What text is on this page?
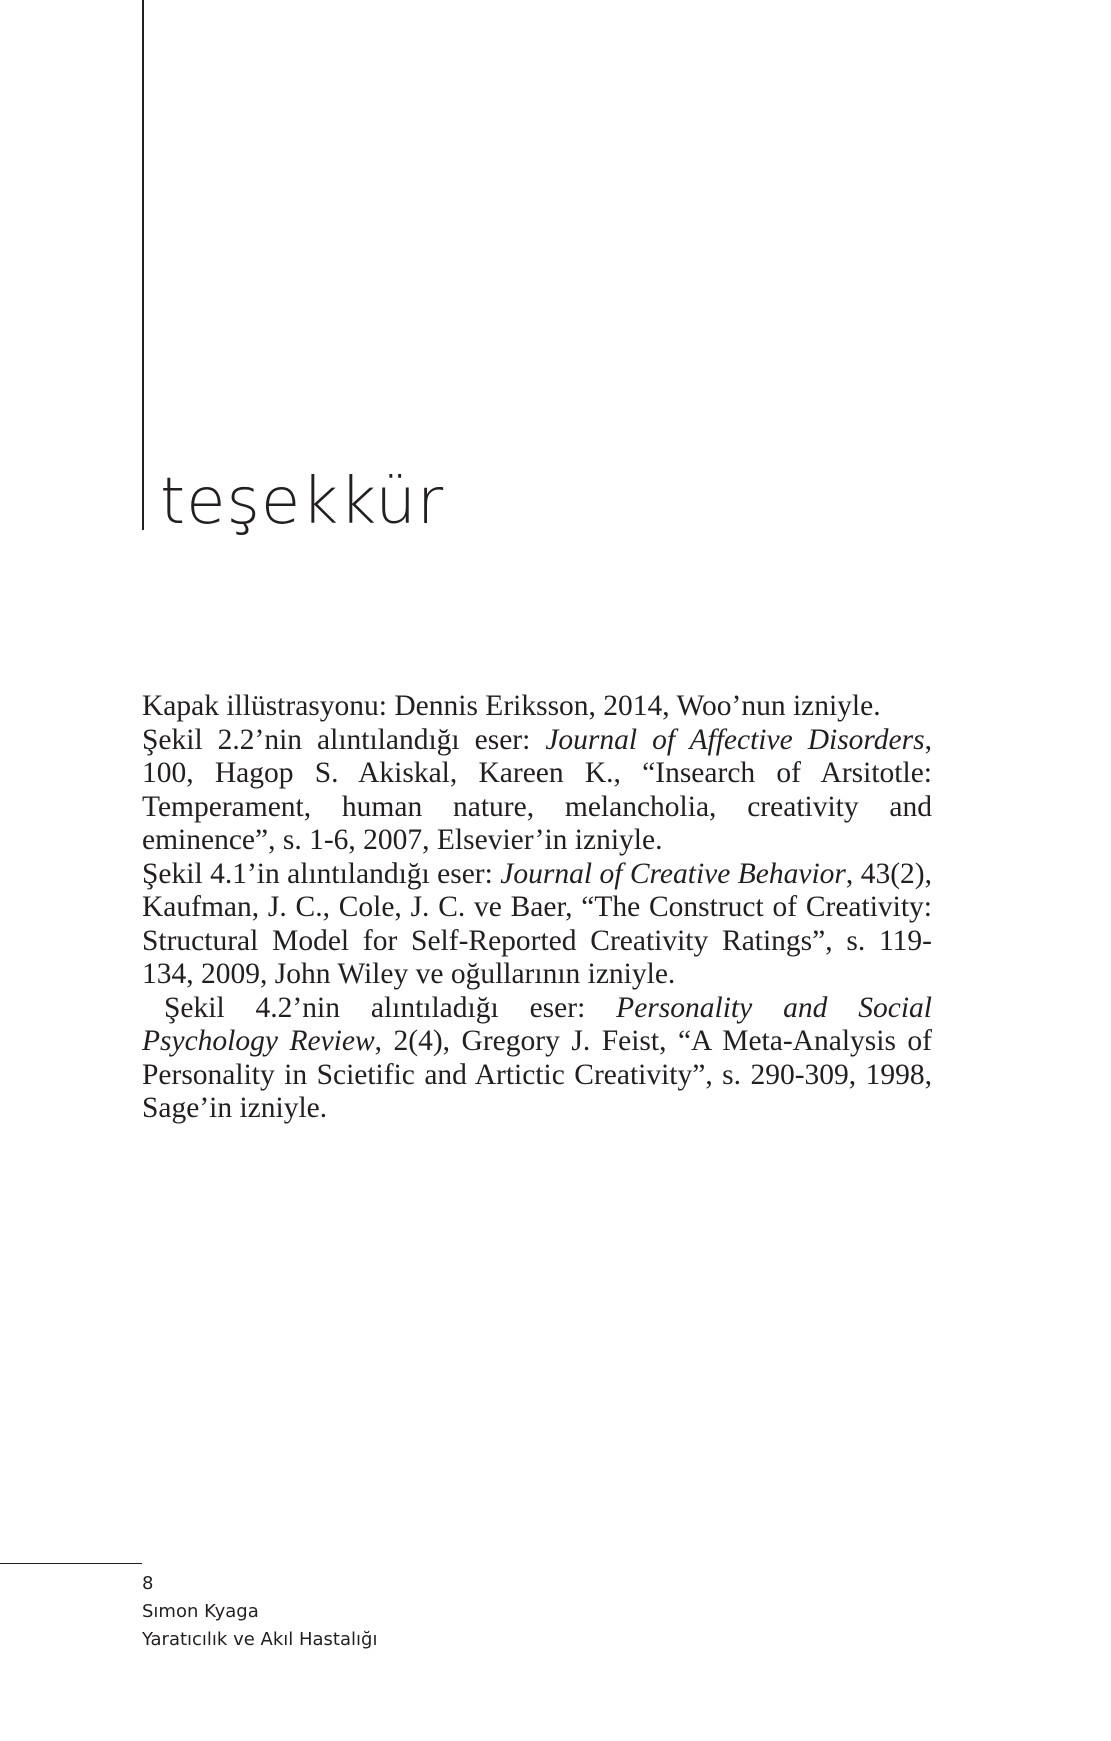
teşekkür

Kapak illüstrasyonu: Dennis Eriksson, 2014, Woo’nun izniyle.

Şekil 2.2’nin alıntılandığı eser: Journal of Affective Disorders, 100, Hagop S. Akiskal, Kareen K., “Insearch of Arsitotle: Temperament, human nature, melancholia, creativity and eminence”, s. 1-6, 2007, Elsevier’in izniyle.

Şekil 4.1’in alıntılandığı eser: Journal of Creative Behavior, 43(2), Kaufman, J. C., Cole, J. C. ve Baer, “The Construct of Creativity: Structural Model for Self-Reported Creativity Ratings”, s. 119-134, 2009, John Wiley ve oğullarının izniyle.

Şekil 4.2’nin alıntıladığı eser: Personality and Social Psychology Review, 2(4), Gregory J. Feist, “A Meta-Analysis of Personality in Scietific and Artictic Creativity”, s. 290-309, 1998, Sage’in izniyle.

8
Sımon Kyaga
Yaratıcılık ve Akıl Hastalığı
